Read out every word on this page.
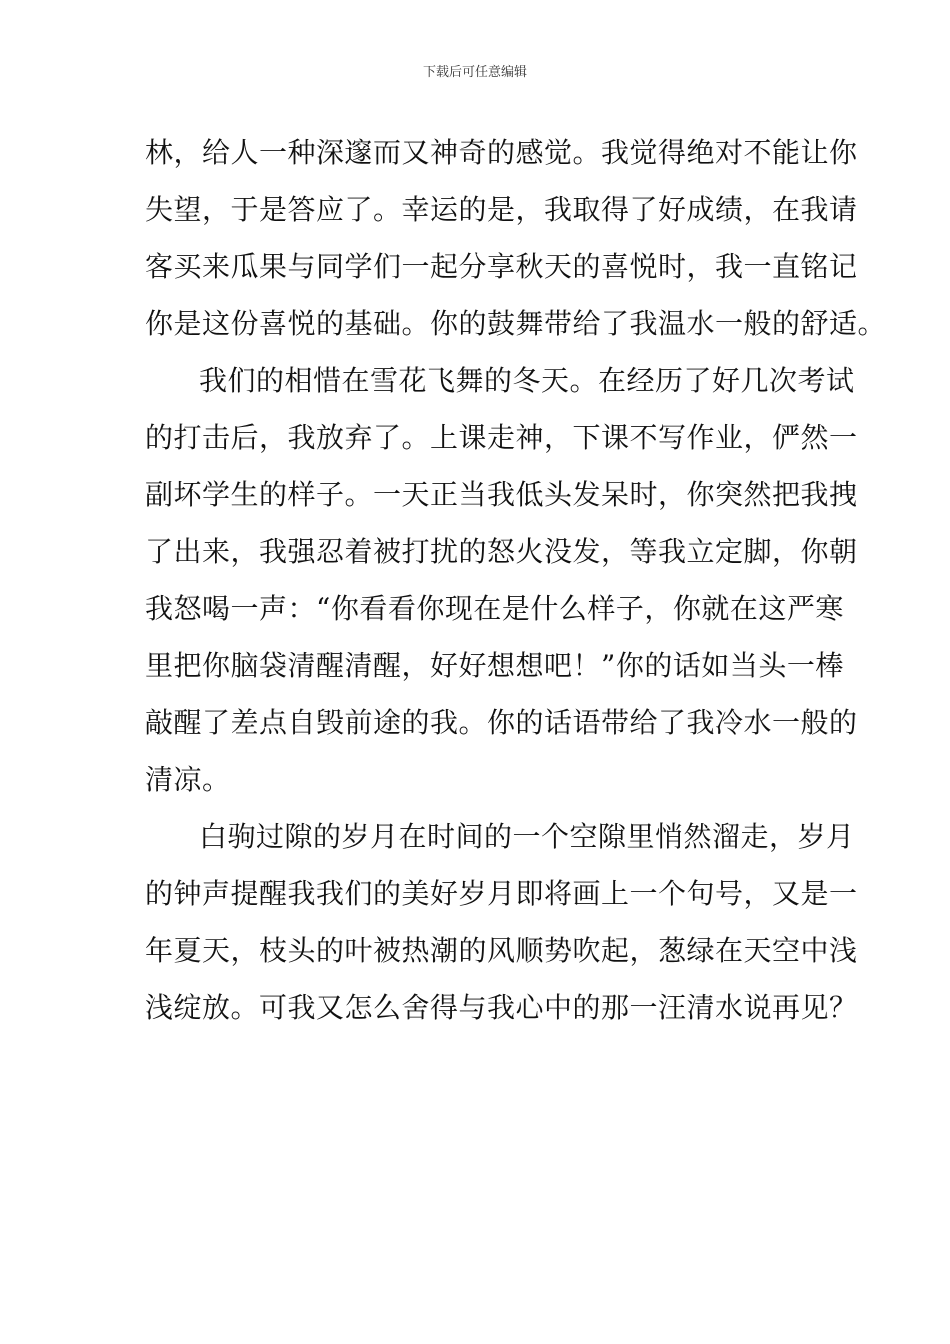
下载后可任意编辑
林，给人一种深邃而又神奇的感觉。我觉得绝对不能让你
失望，于是答应了。幸运的是，我取得了好成绩，在我请
客买来瓜果与同学们一起分享秋天的喜悦时，我一直铭记
你是这份喜悦的基础。你的鼓舞带给了我温水一般的舒适。
我们的相惜在雪花飞舞的冬天。在经历了好几次考试
的打击后，我放弃了。上课走神，下课不写作业，俨然一
副坏学生的样子。一天正当我低头发呆时，你突然把我拽
了出来，我强忍着被打扰的怒火没发，等我立定脚，你朝
我怒喝一声：“你看看你现在是什么样子，你就在这严寒
里把你脑袋清醒清醒，好好想想吧！”你的话如当头一棒
敲醒了差点自毁前途的我。你的话语带给了我冷水一般的
清凉。
白驹过隙的岁月在时间的一个空隙里悄然溜走，岁月
的钟声提醒我我们的美好岁月即将画上一个句号，又是一
年夏天，枝头的叶被热潮的风顺势吹起，葱绿在天空中浅
浅绽放。可我又怎么舍得与我心中的那一汪清水说再见？
